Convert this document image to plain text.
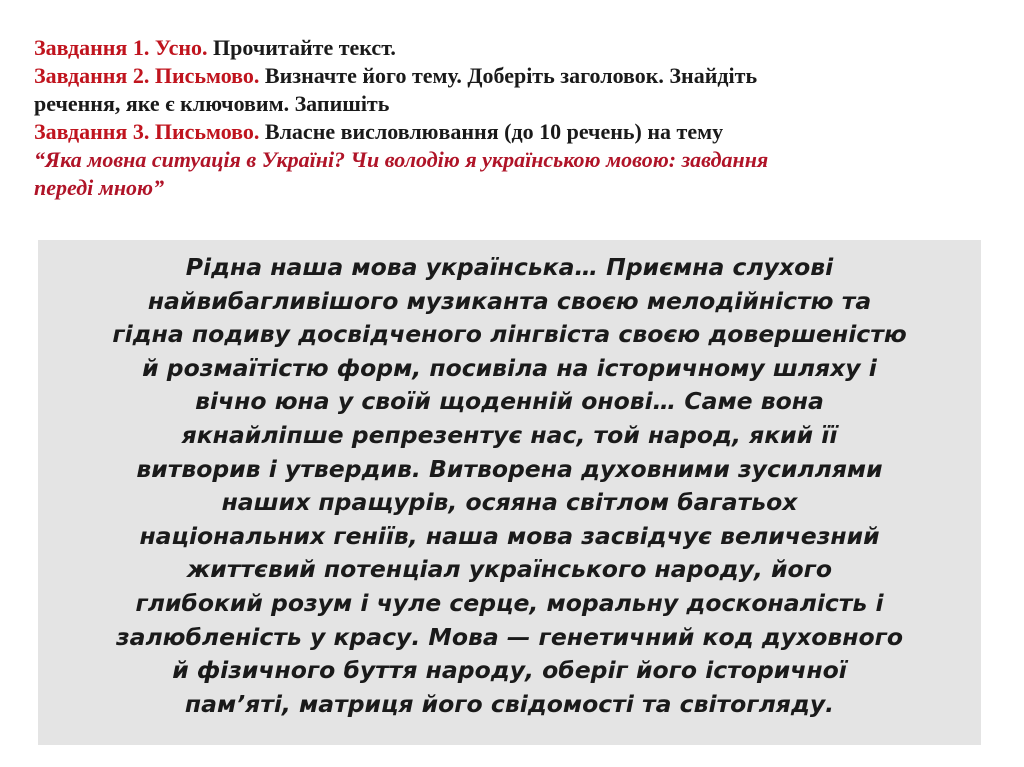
Завдання 1. Усно. Прочитайте текст.

Завдання 2. Письмово. Визначте його тему. Доберіть заголовок. Знайдіть
речення, яке є ключовим. Запишіть

Завдання 3. Письмово. Власне висловлювання (до 10 речень) на тему
“Яка мовна ситуація в Україні? Чи володію я українською мовою: завдання
переді мною”

Рідна наша мова українська… Приємна слухові
найвибагливішого музиканта своєю мелодійністю та
гідна подиву досвідченого лінгвіста своєю довершеністю
й розмаїтістю форм, посивіла на історичному шляху і
вічно юна у своїй щоденній онові… Саме вона
якнайліпше репрезентує нас, той народ, який її
витворив і утвердив. Витворена духовними зусиллями
наших пращурів, осяяна світлом багатьох
національних геніїв, наша мова засвідчує величезний
життєвий потенціал українського народу, його
глибокий розум і чуле серце, моральну досконалість і
залюбленість у красу. Мова — генетичний код духовного
й фізичного буття народу, оберіг його історичної
пам’яті, матриця його свідомості та світогляду.
